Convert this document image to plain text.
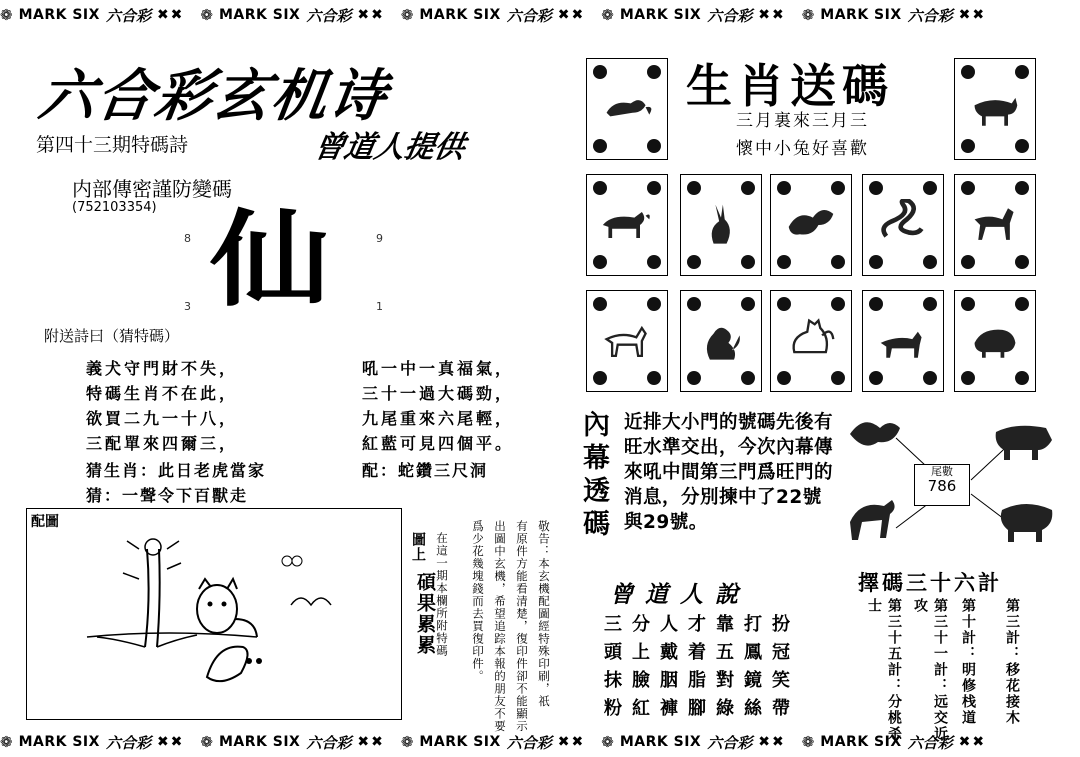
❁ MARK SIX 六合彩 ✖✖ ❁ MARK SIX 六合彩 ✖✖ ❁ MARK SIX 六合彩 ✖✖ ❁ MARK SIX 六合彩 ✖✖ ❁ MARK SIX 六合彩 ✖✖
❁ MARK SIX 六合彩 ✖✖ ❁ MARK SIX 六合彩 ✖✖ ❁ MARK SIX 六合彩 ✖✖ ❁ MARK SIX 六合彩 ✖✖ ❁ MARK SIX 六合彩 ✖✖
六合彩玄机诗
第四十三期特碼詩	曾道人提供
内部傳密謹防變碼
(752103354)
8	9
3	1
仙
附送詩曰（猜特碼）
義犬守門財不失，
特碼生肖不在此，
欲買二九一十八，
三配單來四爾三，
吼一中一真福氣，
三十一過大碼勁，
九尾重來六尾輕，
紅藍可見四個平。
猜生肖：此日老虎當家	配：蛇鑽三尺洞
猜：一聲令下百獸走
配圖
圖上
碩果累累 在這一期本欄所附特碼	敬告：本玄機配圖經特殊印刷，祇
有原件方能看清楚，復印件卻不能顯示
出圖中玄機，希望追踪本報的朋友不要
爲少花幾塊錢而去買復印件。
生肖送碼
三月裏來三月三
懷中小兔好喜歡
內幕透碼 近排大小門的號碼先後有旺水準交出，今次內幕傳來吼中間第三門爲旺門的消息，分別揀中了22號與29號。
尾數
786
曾道人說
三分人才靠打扮
頭上戴着五鳳冠
抹臉胭脂對鏡笑
粉紅褲腳綠絲帶
擇碼三十六計
第三計：移花接木
第十計：明修栈道
第三十一計：远交近攻
第三十五計：分桃杀士
